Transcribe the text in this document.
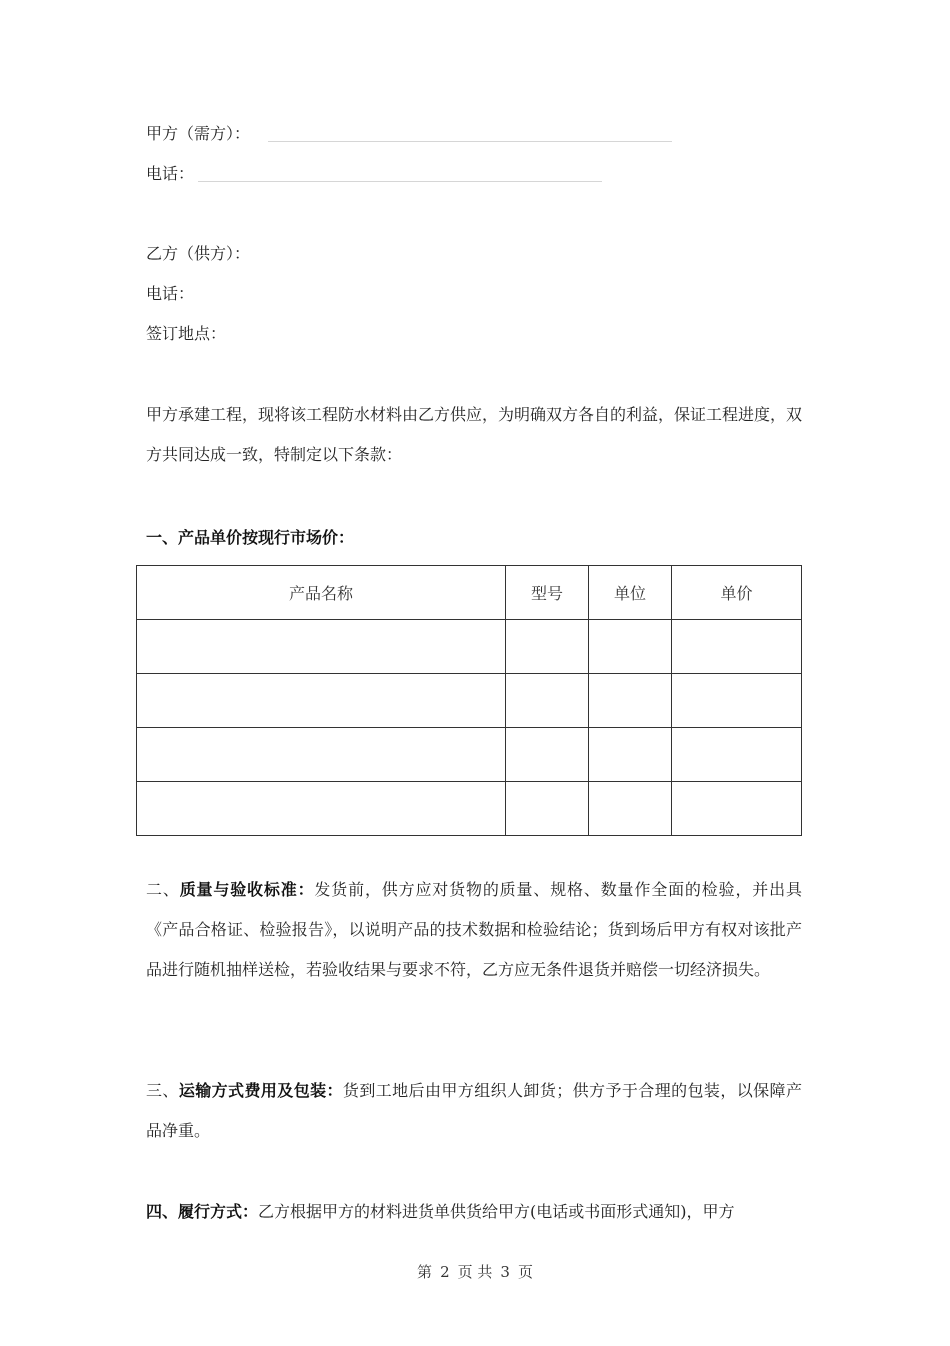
甲方（需方）：
电话：
乙方（供方）：
电话：
签订地点：
甲方承建工程，现将该工程防水材料由乙方供应，为明确双方各自的利益，保证工程进度，双方共同达成一致，特制定以下条款：
一、产品单价按现行市场价：
产品名称	型号	单位	单价

二、质量与验收标准：发货前，供方应对货物的质量、规格、数量作全面的检验，并出具《产品合格证、检验报告》，以说明产品的技术数据和检验结论；货到场后甲方有权对该批产品进行随机抽样送检，若验收结果与要求不符，乙方应无条件退货并赔偿一切经济损失。
三、运输方式费用及包装：货到工地后由甲方组织人卸货；供方予于合理的包装，以保障产品净重。
四、履行方式：乙方根据甲方的材料进货单供货给甲方(电话或书面形式通知)，甲方
第 2 页 共 3 页
